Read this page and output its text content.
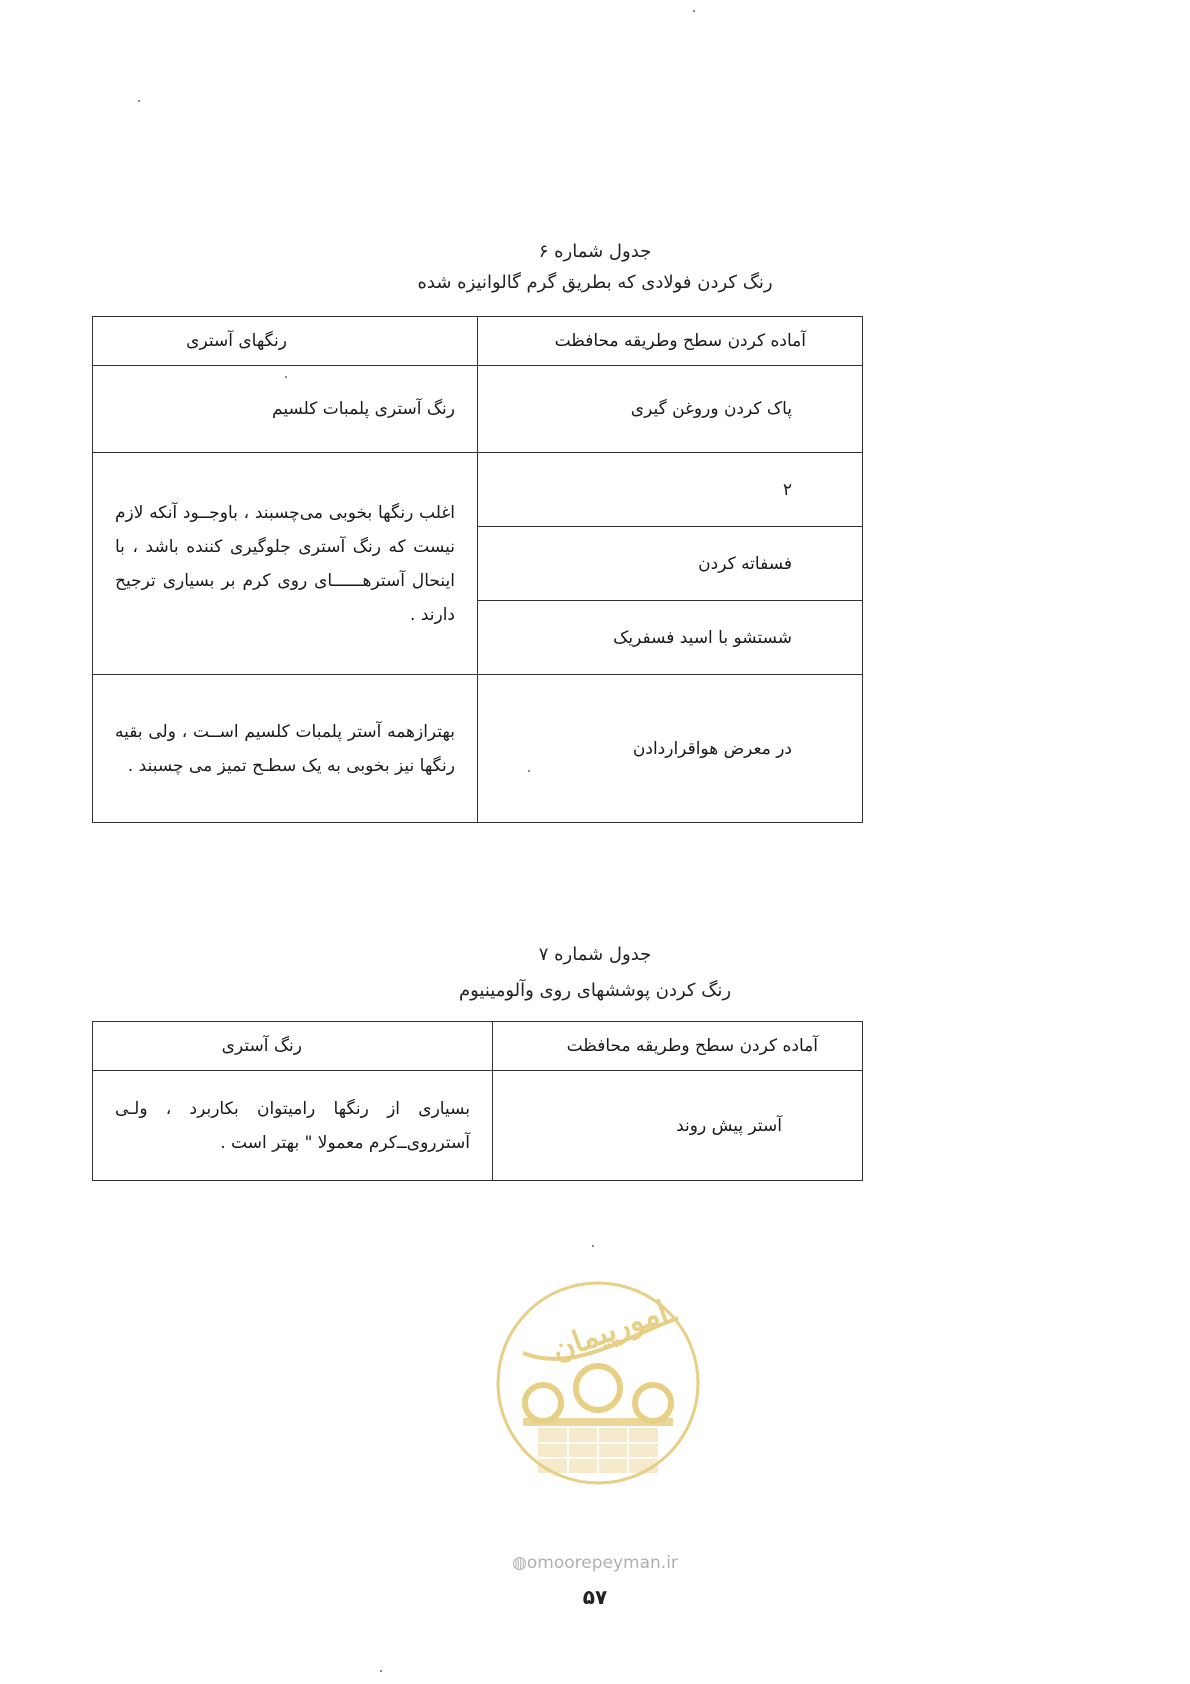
جدول شماره ۶
رنگ کردن فولادی که بطریق گرم گالوانیزه شده
آماده کردن سطح وطریقه محافظت	رنگهای آستری
پاک کردن وروغن گیری	رنگ آستری پلمبات کلسیم
۲	اغلب رنگها بخوبی می‌چسبند ، باوجــود آنکه لازم نیست که رنگ آستری جلوگیری کننده باشد ، با اینحال آسترهــــــای روی کرم بر بسیاری ترجیح دارند .

فسفاته کردن	
شستشو با اسید فسفریک	
در معرض هواقراردادن	بهترازهمه آستر پلمبات کلسیم اســت ، ولی بقیه رنگها نیز بخوبی به یک سطـح تمیز می چسبند .
جدول شماره ۷
رنگ کردن پوششهای روی وآلومینیوم
آماده کردن سطح وطریقه محافظت	رنگ آستری
آستر پیش روند	بسیاری از رنگها رامیتوان بکاربرد ، ولـی آستر‌روی‌ــ‌کرم معمولا " بهتر است .
امورپیمان
◍omoorepeyman.ir
۵۷
